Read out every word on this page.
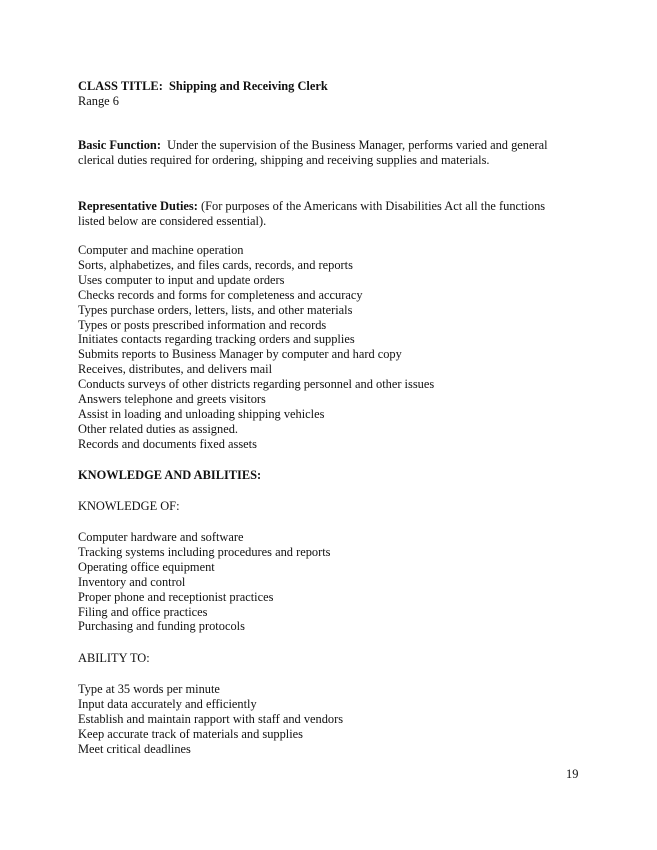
CLASS TITLE: Shipping and Receiving Clerk
Range 6
Basic Function: Under the supervision of the Business Manager, performs varied and general
clerical duties required for ordering, shipping and receiving supplies and materials.
Representative Duties: (For purposes of the Americans with Disabilities Act all the functions
listed below are considered essential).
Computer and machine operation
Sorts, alphabetizes, and files cards, records, and reports
Uses computer to input and update orders
Checks records and forms for completeness and accuracy
Types purchase orders, letters, lists, and other materials
Types or posts prescribed information and records
Initiates contacts regarding tracking orders and supplies
Submits reports to Business Manager by computer and hard copy
Receives, distributes, and delivers mail
Conducts surveys of other districts regarding personnel and other issues
Answers telephone and greets visitors
Assist in loading and unloading shipping vehicles
Other related duties as assigned.
Records and documents fixed assets
KNOWLEDGE AND ABILITIES:
KNOWLEDGE OF:
Computer hardware and software
Tracking systems including procedures and reports
Operating office equipment
Inventory and control
Proper phone and receptionist practices
Filing and office practices
Purchasing and funding protocols
ABILITY TO:
Type at 35 words per minute
Input data accurately and efficiently
Establish and maintain rapport with staff and vendors
Keep accurate track of materials and supplies
Meet critical deadlines
19
